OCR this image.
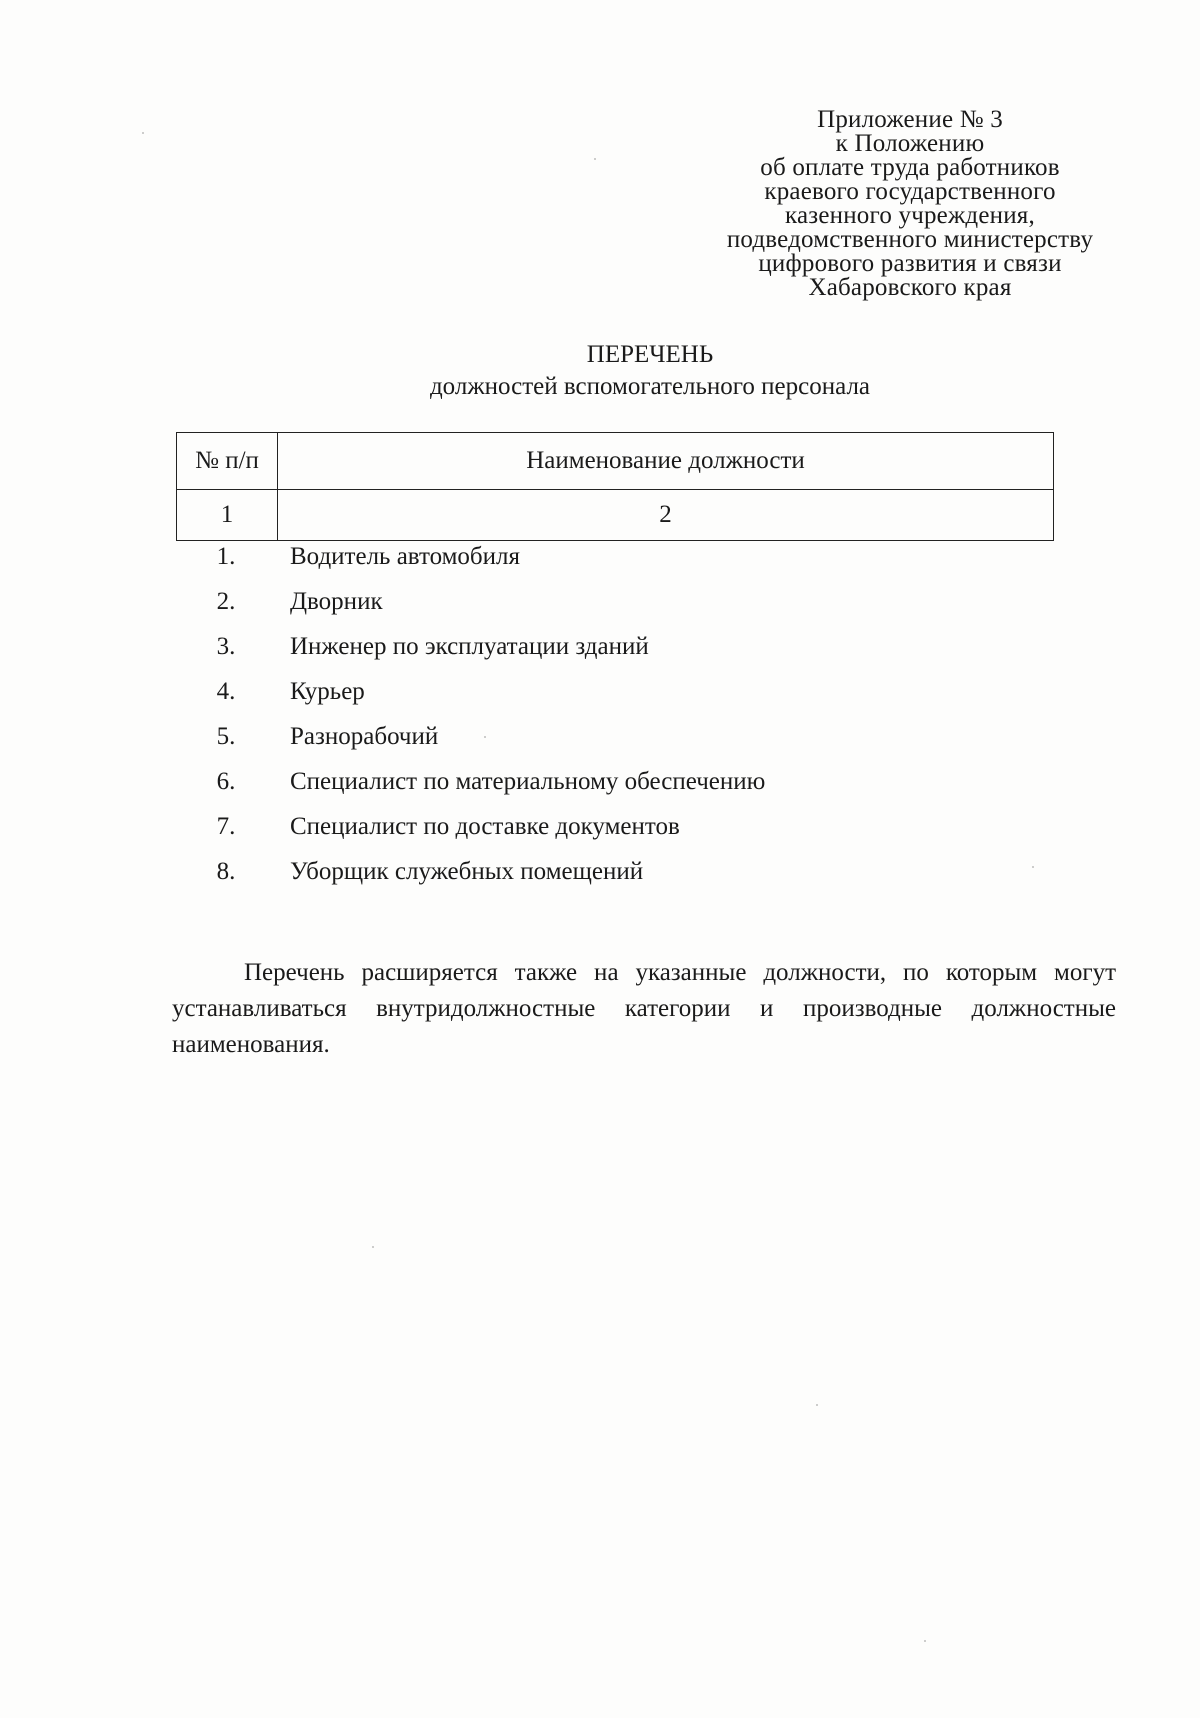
Приложение № 3
к Положению
об оплате труда работников
краевого государственного
казенного учреждения,
подведомственного министерству
цифрового развития и связи
Хабаровского края
ПЕРЕЧЕНЬ
должностей вспомогательного персонала
№ п/п	Наименование должности
1	2
1.	Водитель автомобиля
2.	Дворник
3.	Инженер по эксплуатации зданий
4.	Курьер
5.	Разнорабочий
6.	Специалист по материальному обеспечению
7.	Специалист по доставке документов
8.	Уборщик служебных помещений

Перечень расширяется также на указанные должности, по которым могут устанавливаться внутридолжностные категории и производные должностные наименования.
